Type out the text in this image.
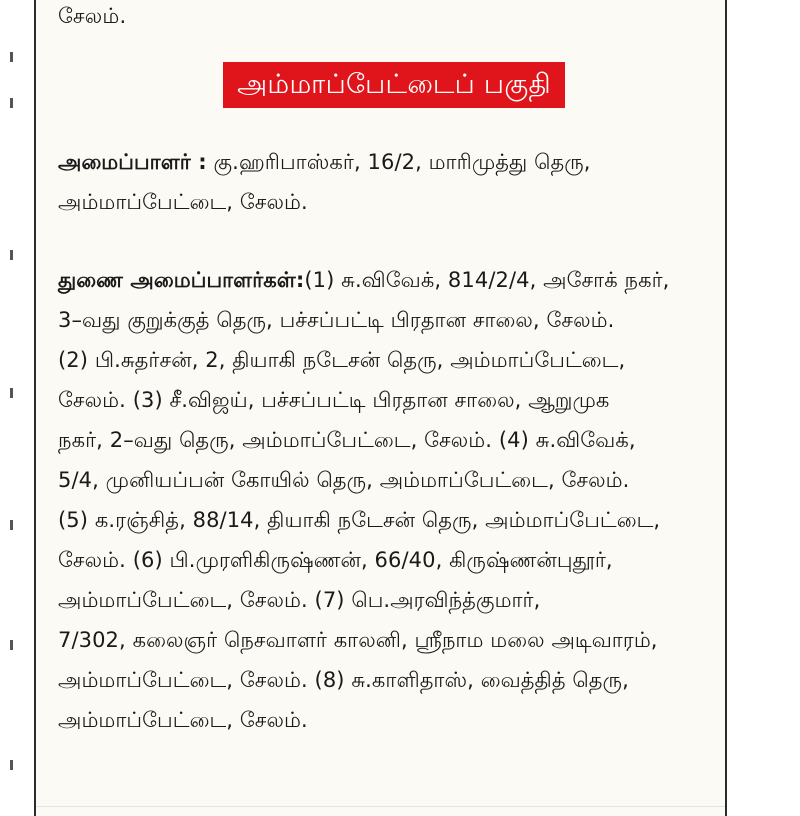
சேலம்.
அம்மாப்பேட்டைப் பகுதி
அமைப்பாளர் : கு.ஹரிபாஸ்கர், 16/2, மாரிமுத்து தெரு,
அம்மாப்பேட்டை, சேலம்.
துணை அமைப்பாளர்கள்:(1) சு.விவேக், 814/2/4, அசோக் நகர்,
3–வது குறுக்குத் தெரு, பச்சப்பட்டி பிரதான சாலை, சேலம்.
(2) பி.சுதர்சன், 2, தியாகி நடேசன் தெரு, அம்மாப்பேட்டை,
சேலம். (3) சீ.விஜய், பச்சப்பட்டி பிரதான சாலை, ஆறுமுக
நகர், 2–வது தெரு, அம்மாப்பேட்டை, சேலம். (4) சு.விவேக்,
5/4, முனியப்பன் கோயில் தெரு, அம்மாப்பேட்டை, சேலம்.
(5) க.ரஞ்சித், 88/14, தியாகி நடேசன் தெரு, அம்மாப்பேட்டை,
சேலம். (6) பி.முரளிகிருஷ்ணன், 66/40, கிருஷ்ணன்புதூர்,
அம்மாப்பேட்டை, சேலம். (7) பெ.அரவிந்த்குமார்,
7/302, கலைஞர் நெசவாளர் காலனி, ஸ்ரீநாம மலை அடிவாரம்,
அம்மாப்பேட்டை, சேலம். (8) சு.காளிதாஸ், வைத்தித் தெரு,
அம்மாப்பேட்டை, சேலம்.
